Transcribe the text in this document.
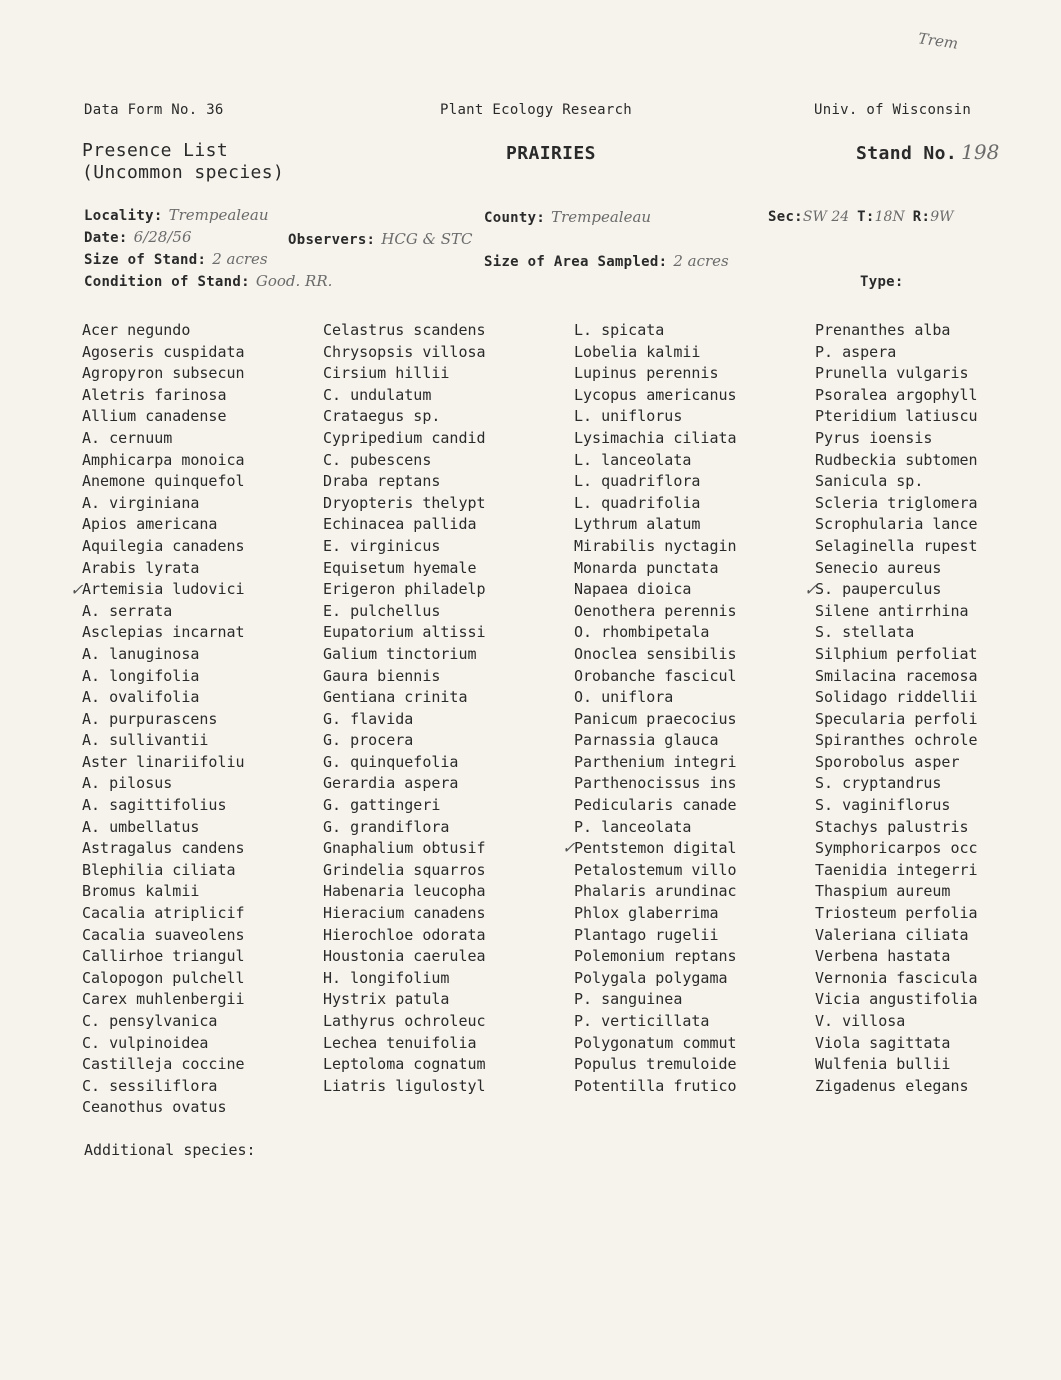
Trem
Data Form No. 36	Plant Ecology Research	Univ. of Wisconsin
Presence List
(Uncommon species)
PRAIRIES	Stand No. 198
Locality: Trempealeau	County: Trempealeau	Sec:SW 24 T:18N R:9W
Date: 6/28/56	Observers: HCG & STC
Size of Stand: 2 acres	Size of Area Sampled: 2 acres
Condition of Stand: Good. RR.	Type:
Acer negundo
Agoseris cuspidata
Agropyron subsecun
Aletris farinosa
Allium canadense
A. cernuum
Amphicarpa monoica
Anemone quinquefol
A. virginiana
Apios americana
Aquilegia canadens
Arabis lyrata
Artemisia ludovici
A. serrata
Asclepias incarnat
A. lanuginosa
A. longifolia
A. ovalifolia
A. purpurascens
A. sullivantii
Aster linariifoliu
A. pilosus
A. sagittifolius
A. umbellatus
Astragalus candens
Blephilia ciliata
Bromus kalmii
Cacalia atriplicif
Cacalia suaveolens
Callirhoe triangul
Calopogon pulchell
Carex muhlenbergii
C. pensylvanica
C. vulpinoidea
Castilleja coccine
C. sessiliflora
Ceanothus ovatus
Celastrus scandens
Chrysopsis villosa
Cirsium hillii
C. undulatum
Crataegus sp.
Cypripedium candid
C. pubescens
Draba reptans
Dryopteris thelypt
Echinacea pallida
E. virginicus
Equisetum hyemale
Erigeron philadelp
E. pulchellus
Eupatorium altissi
Galium tinctorium
Gaura biennis
Gentiana crinita
G. flavida
G. procera
G. quinquefolia
Gerardia aspera
G. gattingeri
G. grandiflora
Gnaphalium obtusif
Grindelia squarros
Habenaria leucopha
Hieracium canadens
Hierochloe odorata
Houstonia caerulea
H. longifolium
Hystrix patula
Lathyrus ochroleuc
Lechea tenuifolia
Leptoloma cognatum
Liatris ligulostyl
L. spicata
Lobelia kalmii
Lupinus perennis
Lycopus americanus
L. uniflorus
Lysimachia ciliata
L. lanceolata
L. quadriflora
L. quadrifolia
Lythrum alatum
Mirabilis nyctagin
Monarda punctata
Napaea dioica
Oenothera perennis
O. rhombipetala
Onoclea sensibilis
Orobanche fascicul
O. uniflora
Panicum praecocius
Parnassia glauca
Parthenium integri
Parthenocissus ins
Pedicularis canade
P. lanceolata
Pentstemon digital
Petalostemum villo
Phalaris arundinac
Phlox glaberrima
Plantago rugelii
Polemonium reptans
Polygala polygama
P. sanguinea
P. verticillata
Polygonatum commut
Populus tremuloide
Potentilla frutico
Prenanthes alba
P. aspera
Prunella vulgaris
Psoralea argophyll
Pteridium latiuscu
Pyrus ioensis
Rudbeckia subtomen
Sanicula sp.
Scleria triglomera
Scrophularia lance
Selaginella rupest
Senecio aureus
S. pauperculus
Silene antirrhina
S. stellata
Silphium perfoliat
Smilacina racemosa
Solidago riddellii
Specularia perfoli
Spiranthes ochrole
Sporobolus asper
S. cryptandrus
S. vaginiflorus
Stachys palustris
Symphoricarpos occ
Taenidia integerri
Thaspium aureum
Triosteum perfolia
Valeriana ciliata
Verbena hastata
Vernonia fascicula
Vicia angustifolia
V. villosa
Viola sagittata
Wulfenia bullii
Zigadenus elegans
✓	✓
✓
Additional species:
